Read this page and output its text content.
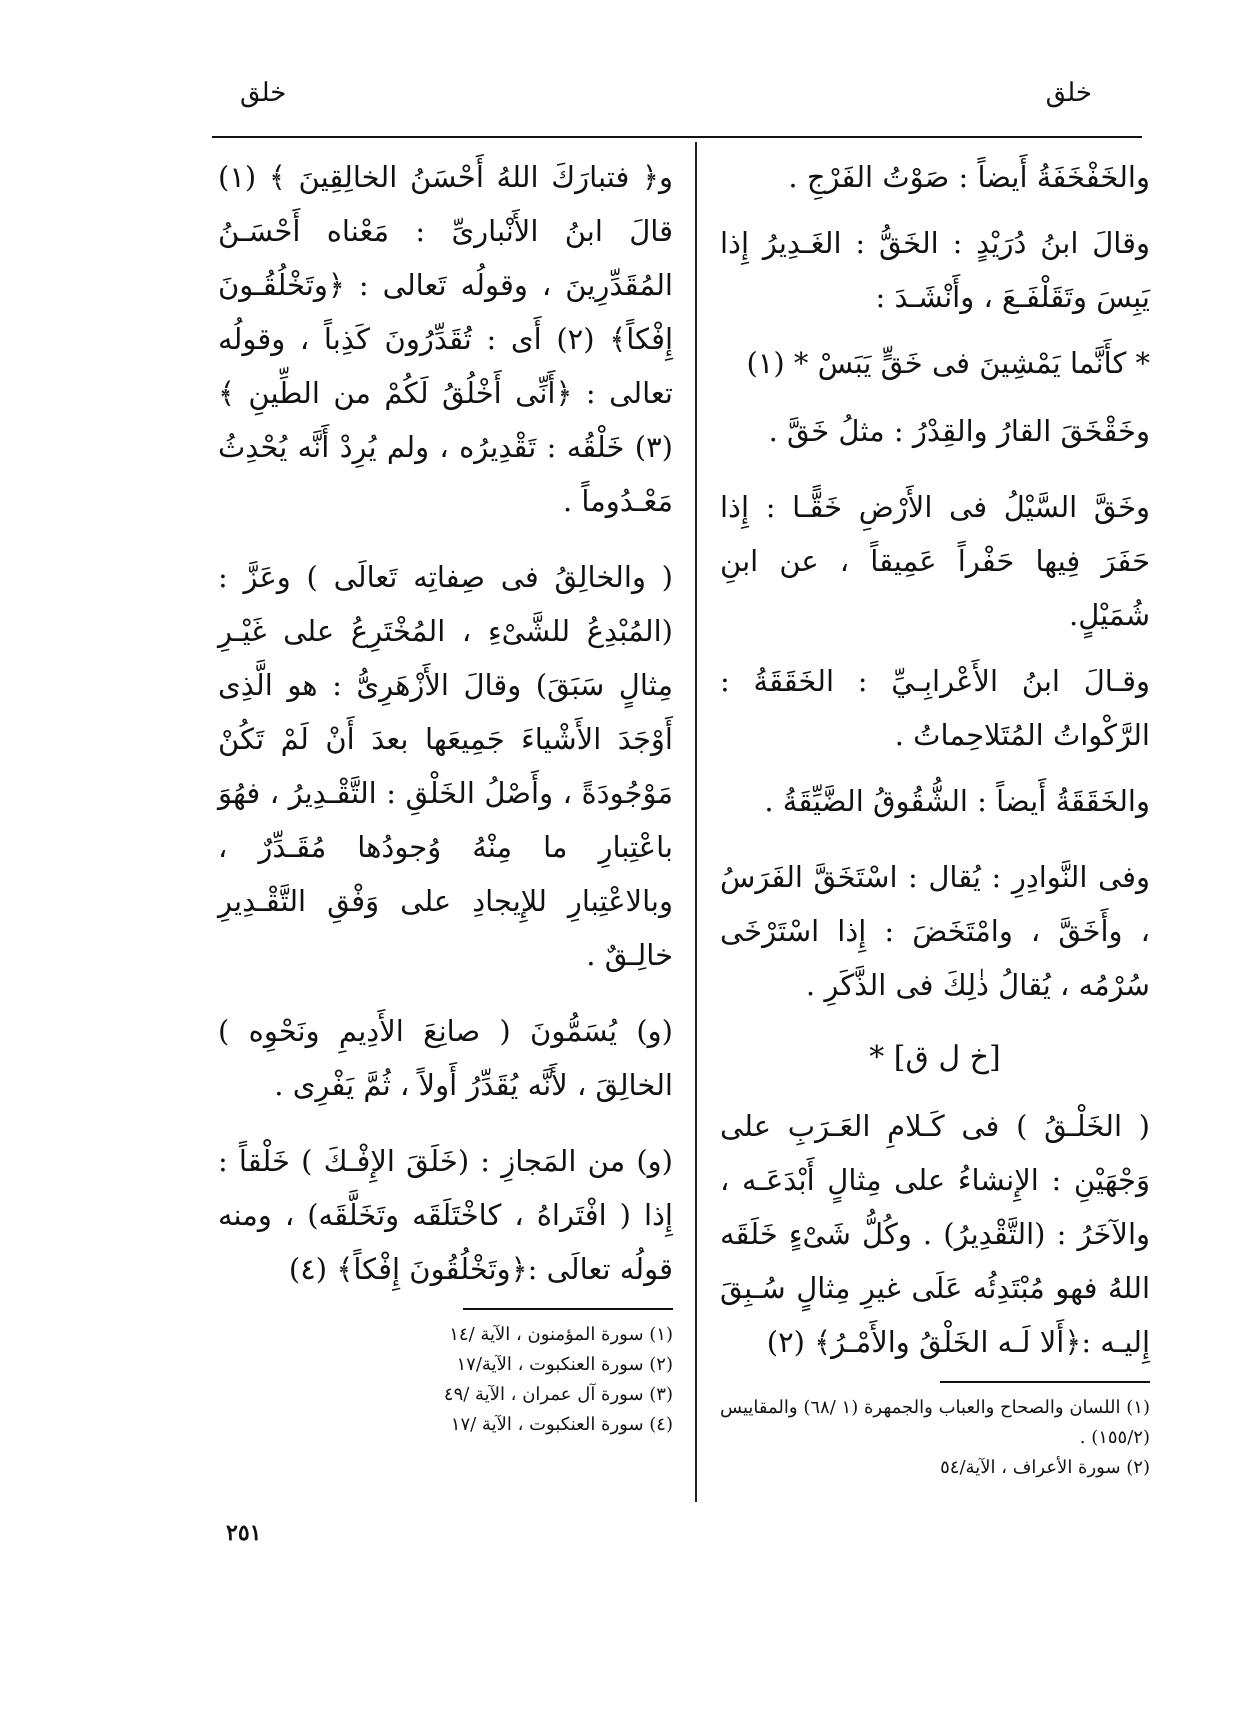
خلق	خلق

والخَفْخَفَةُ أَيضاً : صَوْتُ الفَرْجِ .

وقالَ ابنُ دُرَيْدٍ : الخَقُّ : الغَـدِيرُ إِذا يَبِسَ وتَقَلْفَـعَ ، وأَنْشَـدَ :

* كأَنَّما يَمْشِينَ فى خَقٍّ يَبَسْ * (١)

وخَقْخَقَ القارُ والقِدْرُ : مثلُ خَقَّ .

وخَقَّ السَّيْلُ فى الأَرْضِ خَقًّـا : إِذا حَفَرَ فِيها حَفْراً عَمِيقاً ، عن ابنِ شُمَيْلٍ.

وقـالَ ابنُ الأَعْرابِـيِّ : الخَقَقَةُ : الرَّكْواتُ المُتَلاحِماتُ .

والخَقَقَةُ أَيضاً : الشُّقُوقُ الضَّيِّقَةُ .

وفى النَّوادِرِ : يُقال : اسْتَخَقَّ الفَرَسُ ، وأَخَقَّ ، وامْتَخَضَ : إِذا اسْتَرْخَى سُرْمُه ، يُقالُ ذٰلِكَ فى الذَّكَرِ .

[خ ل ق] *

( الخَلْـقُ ) فى كَـلامِ العَـرَبِ على وَجْهَيْنِ : الإِنشاءُ على مِثالٍ أَبْدَعَـه ، والآخَرُ : (التَّقْدِيرُ) . وكُلُّ شَىْءٍ خَلَقَه اللهُ فهو مُبْتَدِئُه عَلَى غيرِ مِثالٍ سُـبِقَ إِليـه :﴿أَلا لَـه الخَلْقُ والأَمْـرُ﴾ (٢)

(١) اللسان والصحاح والعباب والجمهرة (١ /٦٨) والمقاييس (١٥٥/٢) .

(٢) سورة الأعراف ، الآية/٥٤

و﴿ فتبارَكَ اللهُ أَحْسَنُ الخالِقِينَ ﴾ (١) قالَ ابنُ الأَنْبارىِّ : مَعْناه أَحْسَـنُ المُقَدِّرِينَ ، وقولُه تَعالى : ﴿وتَخْلُقُـونَ إِفْكاً﴾ (٢) أَى : تُقَدِّرُونَ كَذِباً ، وقولُه تعالى : ﴿أَنِّى أَخْلُقُ لَكُمْ من الطِّينِ ﴾ (٣) خَلْقُه : تَقْدِيرُه ، ولم يُرِدْ أَنَّه يُحْدِثُ مَعْـدُوماً .

( والخالِقُ فى صِفاتِه تَعالَى ) وعَزَّ : (المُبْدِعُ للشَّىْءِ ، المُخْتَرِعُ على غَيْـرِ مِثالٍ سَبَقَ) وقالَ الأَزْهَرِىُّ : هو الَّذِى أَوْجَدَ الأَشْياءَ جَمِيعَها بعدَ أَنْ لَمْ تَكُنْ مَوْجُودَةً ، وأَصْلُ الخَلْقِ : التَّقْـدِيرُ ، فهُوَ باعْتِبارِ ما مِنْهُ وُجودُها مُقَـدِّرٌ ، وبالاعْتِبارِ للإِيجادِ على وَفْقِ التَّقْـدِيرِ خالِـقٌ .

(و) يُسَمُّونَ ( صانِعَ الأَدِيمِ ونَحْوِه ) الخالِقَ ، لأَنَّه يُقَدِّرُ أَولاً ، ثُمَّ يَفْرِى .

(و) من المَجازِ : (خَلَقَ الإِفْـكَ ) خَلْقاً : إِذا ( افْتَراهُ ، كاخْتَلَقَه وتَخَلَّقَه) ، ومنه قولُه تعالَى :﴿وتَخْلُقُونَ إِفْكاً﴾ (٤)

(١) سورة المؤمنون ، الآية /١٤

(٢) سورة العنكبوت ، الآية/١٧

(٣) سورة آل عمران ، الآية /٤٩

(٤) سورة العنكبوت ، الآية /١٧

٢٥١
